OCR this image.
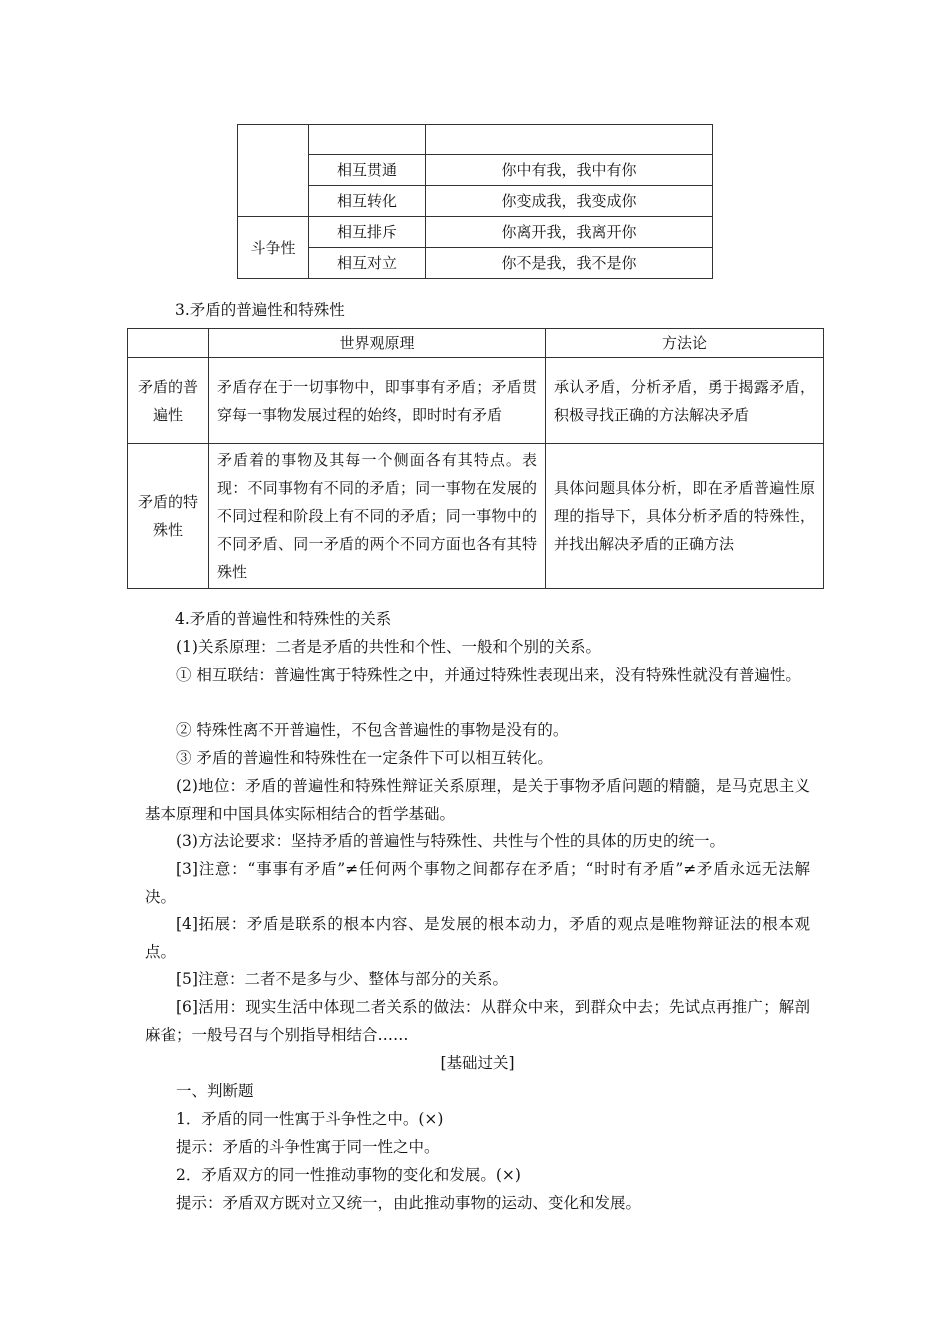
	相互贯通	你中有我，我中有你
	相互转化	你变成我，我变成你
斗争性	相互排斥	你离开我，我离开你
	相互对立	你不是我，我不是你

3.矛盾的普遍性和特殊性

	世界观原理	方法论
矛盾的普遍性	矛盾存在于一切事物中，即事事有矛盾；矛盾贯穿每一事物发展过程的始终，即时时有矛盾	承认矛盾，分析矛盾，勇于揭露矛盾，积极寻找正确的方法解决矛盾
矛盾的特殊性	矛盾着的事物及其每一个侧面各有其特点。表现：不同事物有不同的矛盾；同一事物在发展的不同过程和阶段上有不同的矛盾；同一事物中的不同矛盾、同一矛盾的两个不同方面也各有其特殊性	具体问题具体分析，即在矛盾普遍性原理的指导下，具体分析矛盾的特殊性，并找出解决矛盾的正确方法

4.矛盾的普遍性和特殊性的关系

(1)关系原理：二者是矛盾的共性和个性、一般和个别的关系。

① 相互联结：普遍性寓于特殊性之中，并通过特殊性表现出来，没有特殊性就没有普遍性。

② 特殊性离不开普遍性，不包含普遍性的事物是没有的。

③ 矛盾的普遍性和特殊性在一定条件下可以相互转化。

(2)地位：矛盾的普遍性和特殊性辩证关系原理，是关于事物矛盾问题的精髓，是马克思主义基本原理和中国具体实际相结合的哲学基础。

(3)方法论要求：坚持矛盾的普遍性与特殊性、共性与个性的具体的历史的统一。

[3]注意：“事事有矛盾”≠任何两个事物之间都存在矛盾；“时时有矛盾”≠矛盾永远无法解决。

[4]拓展：矛盾是联系的根本内容、是发展的根本动力，矛盾的观点是唯物辩证法的根本观点。

[5]注意：二者不是多与少、整体与部分的关系。

[6]活用：现实生活中体现二者关系的做法：从群众中来，到群众中去；先试点再推广；解剖麻雀；一般号召与个别指导相结合……

[基础过关]

一、判断题

1．矛盾的同一性寓于斗争性之中。(×)

提示：矛盾的斗争性寓于同一性之中。

2．矛盾双方的同一性推动事物的变化和发展。(×)

提示：矛盾双方既对立又统一，由此推动事物的运动、变化和发展。
